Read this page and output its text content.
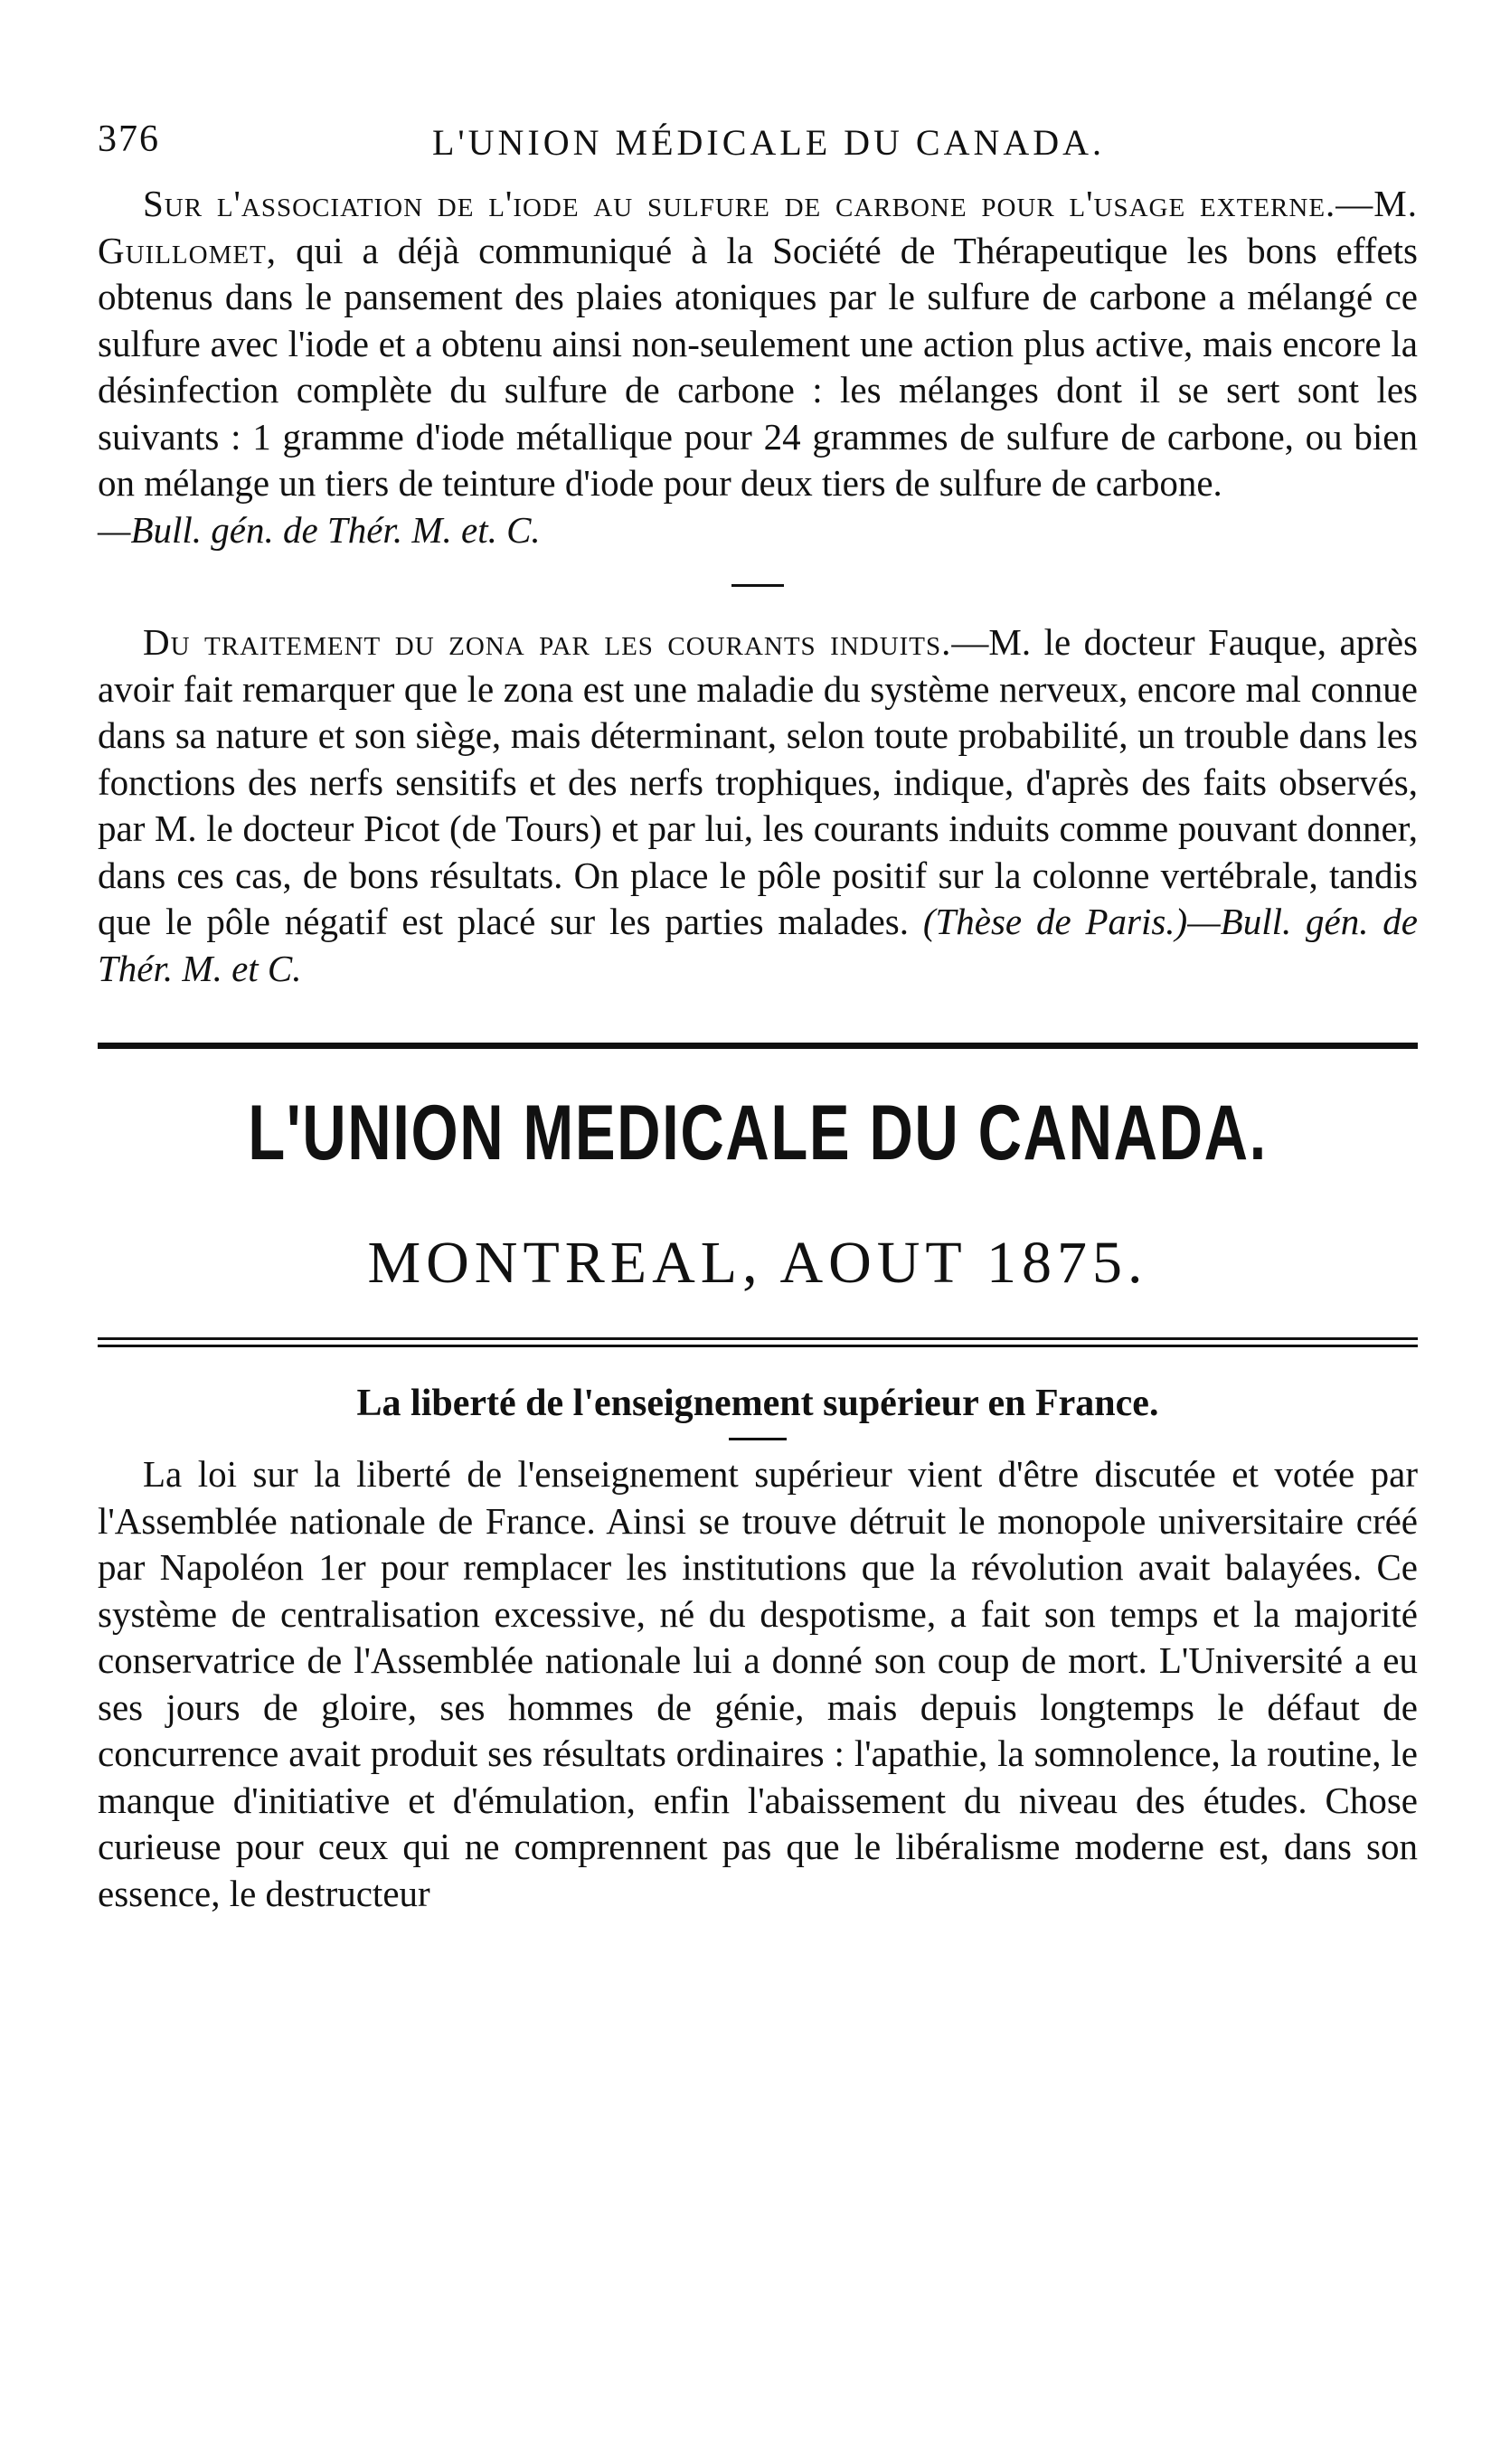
376	L'UNION MÉDICALE DU CANADA.

Sur l'association de l'iode au sulfure de carbone pour l'usage externe.—M. Guillomet, qui a déjà communiqué à la Société de Thérapeutique les bons effets obtenus dans le pansement des plaies atoniques par le sulfure de carbone a mélangé ce sulfure avec l'iode et a obtenu ainsi non-seulement une action plus active, mais encore la désinfection complète du sulfure de carbone : les mélanges dont il se sert sont les suivants : 1 gramme d'iode métallique pour 24 grammes de sulfure de carbone, ou bien on mélange un tiers de teinture d'iode pour deux tiers de sulfure de carbone.
—Bull. gén. de Thér. M. et. C.

Du traitement du zona par les courants induits.—M. le docteur Fauque, après avoir fait remarquer que le zona est une maladie du système nerveux, encore mal connue dans sa nature et son siège, mais déterminant, selon toute probabilité, un trouble dans les fonctions des nerfs sensitifs et des nerfs trophiques, indique, d'après des faits observés, par M. le docteur Picot (de Tours) et par lui, les courants induits comme pouvant donner, dans ces cas, de bons résultats. On place le pôle positif sur la colonne vertébrale, tandis que le pôle négatif est placé sur les parties malades. (Thèse de Paris.)—Bull. gén. de Thér. M. et C.

L'UNION MEDICALE DU CANADA.
MONTREAL, AOUT 1875.
La liberté de l'enseignement supérieur en France.

La loi sur la liberté de l'enseignement supérieur vient d'être discutée et votée par l'Assemblée nationale de France. Ainsi se trouve détruit le monopole universitaire créé par Napoléon 1er pour remplacer les institutions que la révolution avait balayées. Ce système de centralisation excessive, né du despotisme, a fait son temps et la majorité conservatrice de l'Assemblée nationale lui a donné son coup de mort. L'Université a eu ses jours de gloire, ses hommes de génie, mais depuis longtemps le défaut de concurrence avait produit ses résultats ordinaires : l'apathie, la somnolence, la routine, le manque d'initiative et d'émulation, enfin l'abaissement du niveau des études. Chose curieuse pour ceux qui ne comprennent pas que le libéralisme moderne est, dans son essence, le destructeur
